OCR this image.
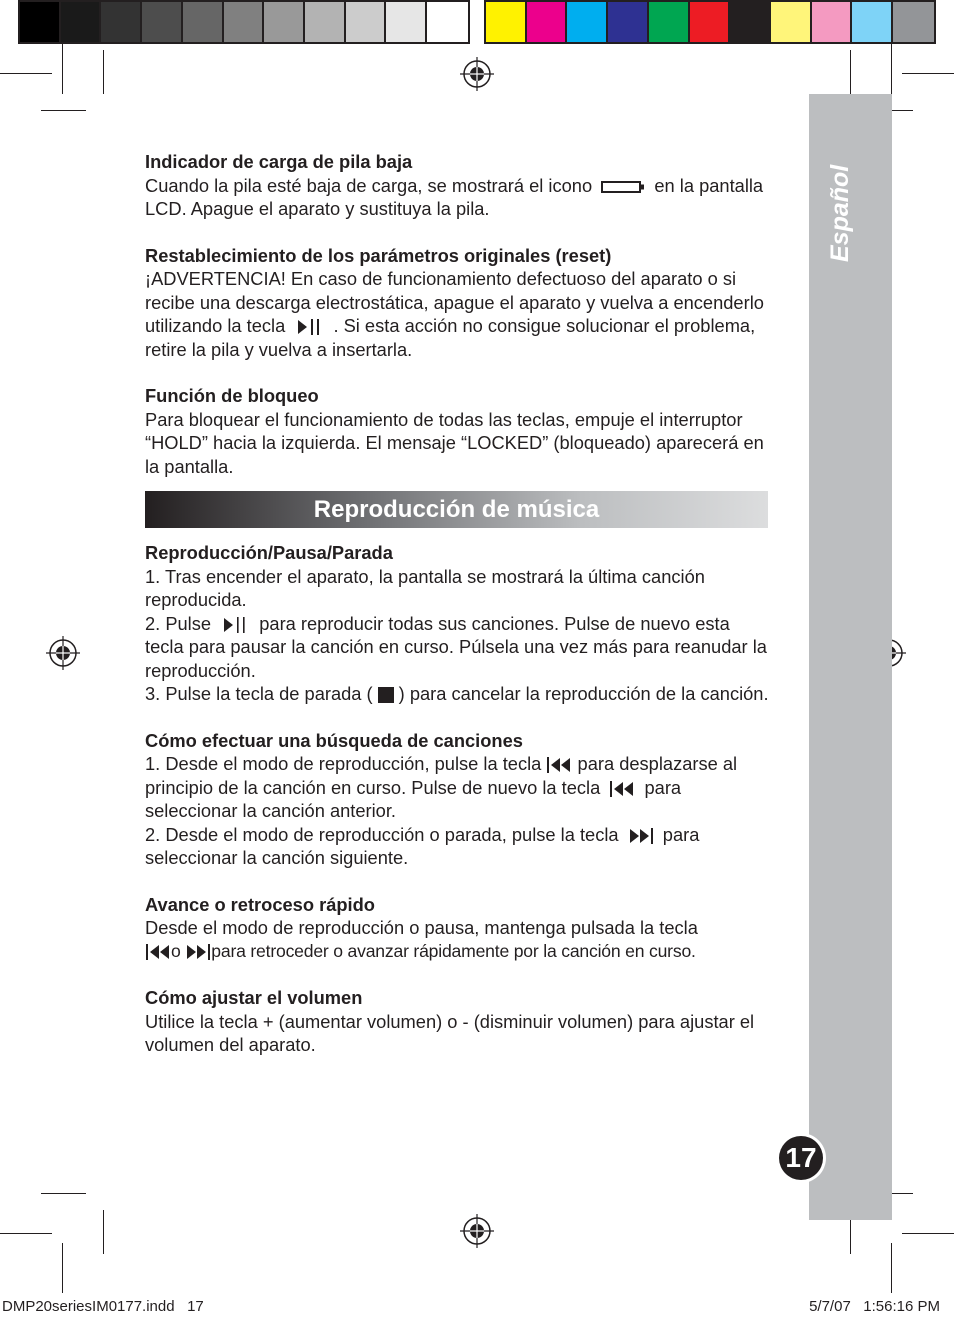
Español
17
Indicador de carga de pila baja

Cuando la pila esté baja de carga, se mostrará el icono	en la pantalla LCD. Apague el aparato y sustituya la pila.

Restablecimiento de los parámetros originales (reset)

¡ADVERTENCIA! En caso de funcionamiento defectuoso del aparato o si recibe una descarga electrostática, apague el aparato y vuelva a encenderlo utilizando la tecla	. Si esta acción no consigue solucionar el problema, retire la pila y vuelva a insertarla.

Función de bloqueo

Para bloquear el funcionamiento de todas las teclas, empuje el interruptor “HOLD” hacia la izquierda. El mensaje “LOCKED” (bloqueado) aparecerá en la pantalla.

Reproducción de música
Reproducción/Pausa/Parada

1. Tras encender el aparato, la pantalla se mostrará la última canción reproducida.

2. Pulse	para reproducir todas sus canciones. Pulse de nuevo esta tecla para pausar la canción en curso. Púlsela una vez más para reanudar la reproducción.

3. Pulse la tecla de parada ( ) para cancelar la reproducción de la canción.

Cómo efectuar una búsqueda de canciones

1. Desde el modo de reproducción, pulse la tecla para desplazarse al principio de la canción en curso. Pulse de nuevo la tecla para seleccionar la canción anterior.

2. Desde el modo de reproducción o parada, pulse la tecla para seleccionar la canción siguiente.

Avance o retroceso rápido

Desde el modo de reproducción o pausa, mantenga pulsada la tecla

o para retroceder o avanzar rápidamente por la canción en curso.

Cómo ajustar el volumen

Utilice la tecla + (aumentar volumen) o - (disminuir volumen) para ajustar el volumen del aparato.

DMP20seriesIM0177.indd   17	5/7/07   1:56:16 PM
